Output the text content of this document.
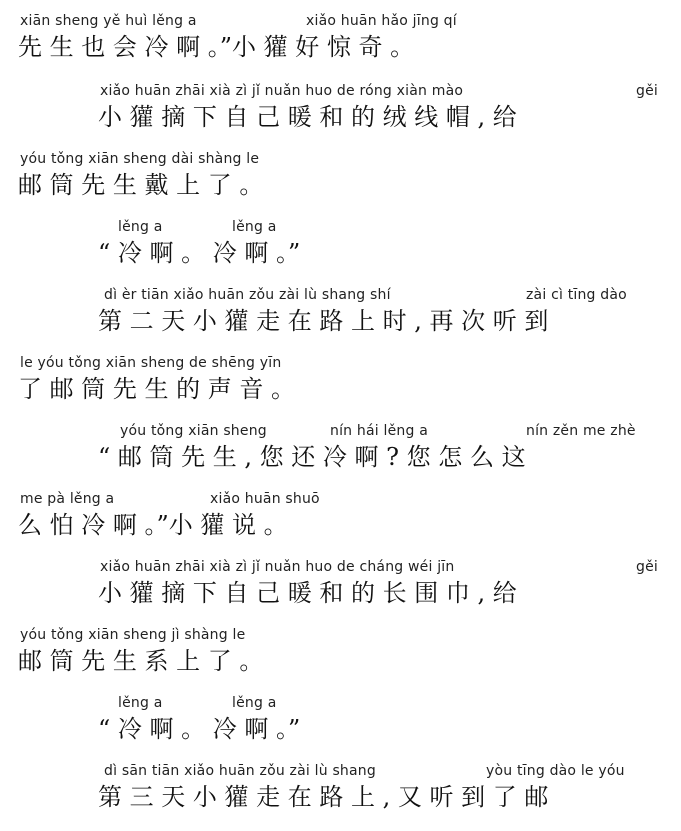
xiān sheng yě huì lěng a	xiǎo huān hǎo jīng qí
先 生 也 会 冷 啊 。”小 獾 好 惊 奇 。
xiǎo huān zhāi xià zì jǐ nuǎn huo de róng xiàn mào	gěi
小 獾 摘 下 自 己 暖 和 的 绒 线 帽 , 给
yóu tǒng xiān sheng dài shàng le
邮 筒 先 生 戴 上 了 。
lěng a	lěng a
“ 冷 啊 。 冷 啊 。”
dì èr tiān xiǎo huān zǒu zài lù shang shí	zài cì tīng dào
第 二 天 小 獾 走 在 路 上 时 , 再 次 听 到
le yóu tǒng xiān sheng de shēng yīn
了 邮 筒 先 生 的 声 音 。
yóu tǒng xiān sheng	nín hái lěng a	nín zěn me zhè
“ 邮 筒 先 生 , 您 还 冷 啊 ? 您 怎 么 这
me pà lěng a	xiǎo huān shuō
么 怕 冷 啊 。”小 獾 说 。
xiǎo huān zhāi xià zì jǐ nuǎn huo de cháng wéi jīn	gěi
小 獾 摘 下 自 己 暖 和 的 长 围 巾 , 给
yóu tǒng xiān sheng jì shàng le
邮 筒 先 生 系 上 了 。
lěng a	lěng a
“ 冷 啊 。 冷 啊 。”
dì sān tiān xiǎo huān zǒu zài lù shang	yòu tīng dào le yóu
第 三 天 小 獾 走 在 路 上 , 又 听 到 了 邮
